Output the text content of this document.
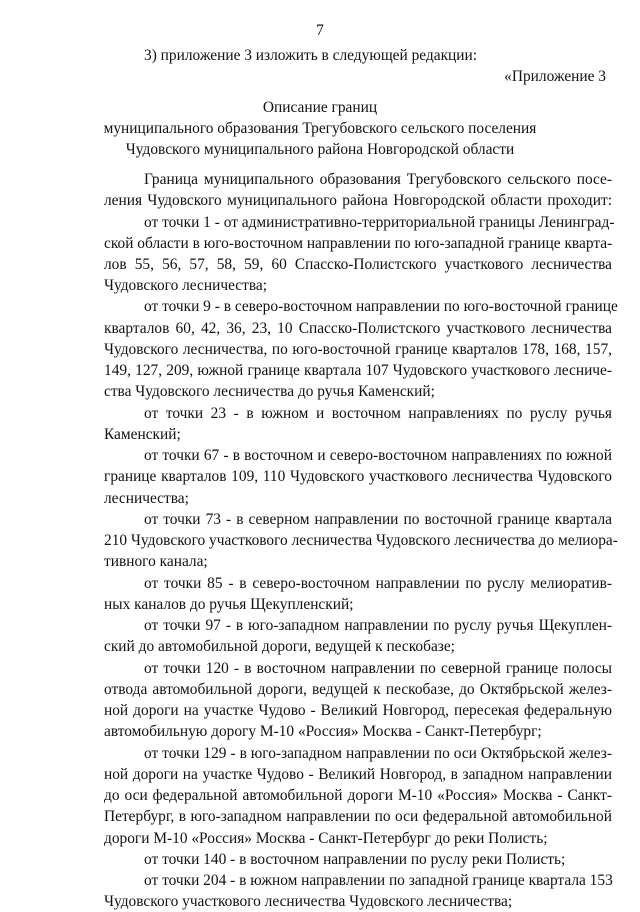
7
3) приложение 3 изложить в следующей редакции:
«Приложение 3
Описание границ
муниципального образования Трегубовского сельского поселения
Чудовского муниципального района Новгородской области
Граница муниципального образования Трегубовского сельского посе-
ления Чудовского муниципального района Новгородской области проходит:
от точки 1 - от административно-территориальной границы Ленинград-
ской области в юго-восточном направлении по юго-западной границе кварта-
лов 55, 56, 57, 58, 59, 60 Спасско-Полистского участкового лесничества
Чудовского лесничества;
от точки 9 - в северо-восточном направлении по юго-восточной границе
кварталов 60, 42, 36, 23, 10 Спасско-Полистского участкового лесничества
Чудовского лесничества, по юго-восточной границе кварталов 178, 168, 157,
149, 127, 209, южной границе квартала 107 Чудовского участкового лесниче-
ства Чудовского лесничества до ручья Каменский;
от точки 23 - в южном и восточном направлениях по руслу ручья
Каменский;
от точки 67 - в восточном и северо-восточном направлениях по южной
границе кварталов 109, 110 Чудовского участкового лесничества Чудовского
лесничества;
от точки 73 - в северном направлении по восточной границе квартала
210 Чудовского участкового лесничества Чудовского лесничества до мелиора-
тивного канала;
от точки 85 - в северо-восточном направлении по руслу мелиоратив-
ных каналов до ручья Щекупленский;
от точки 97 - в юго-западном направлении по руслу ручья Щекуплен-
ский до автомобильной дороги, ведущей к пескобазе;
от точки 120 - в восточном направлении по северной границе полосы
отвода автомобильной дороги, ведущей к пескобазе, до Октябрьской желез-
ной дороги на участке Чудово - Великий Новгород, пересекая федеральную
автомобильную дорогу М-10 «Россия» Москва - Санкт-Петербург;
от точки 129 - в юго-западном направлении по оси Октябрьской желез-
ной дороги на участке Чудово - Великий Новгород, в западном направлении
до оси федеральной автомобильной дороги М-10 «Россия» Москва - Санкт-
Петербург, в юго-западном направлении по оси федеральной автомобильной
дороги М-10 «Россия» Москва - Санкт-Петербург до реки Полисть;
от точки 140 - в восточном направлении по руслу реки Полисть;
от точки 204 - в южном направлении по западной границе квартала 153
Чудовского участкового лесничества Чудовского лесничества;
